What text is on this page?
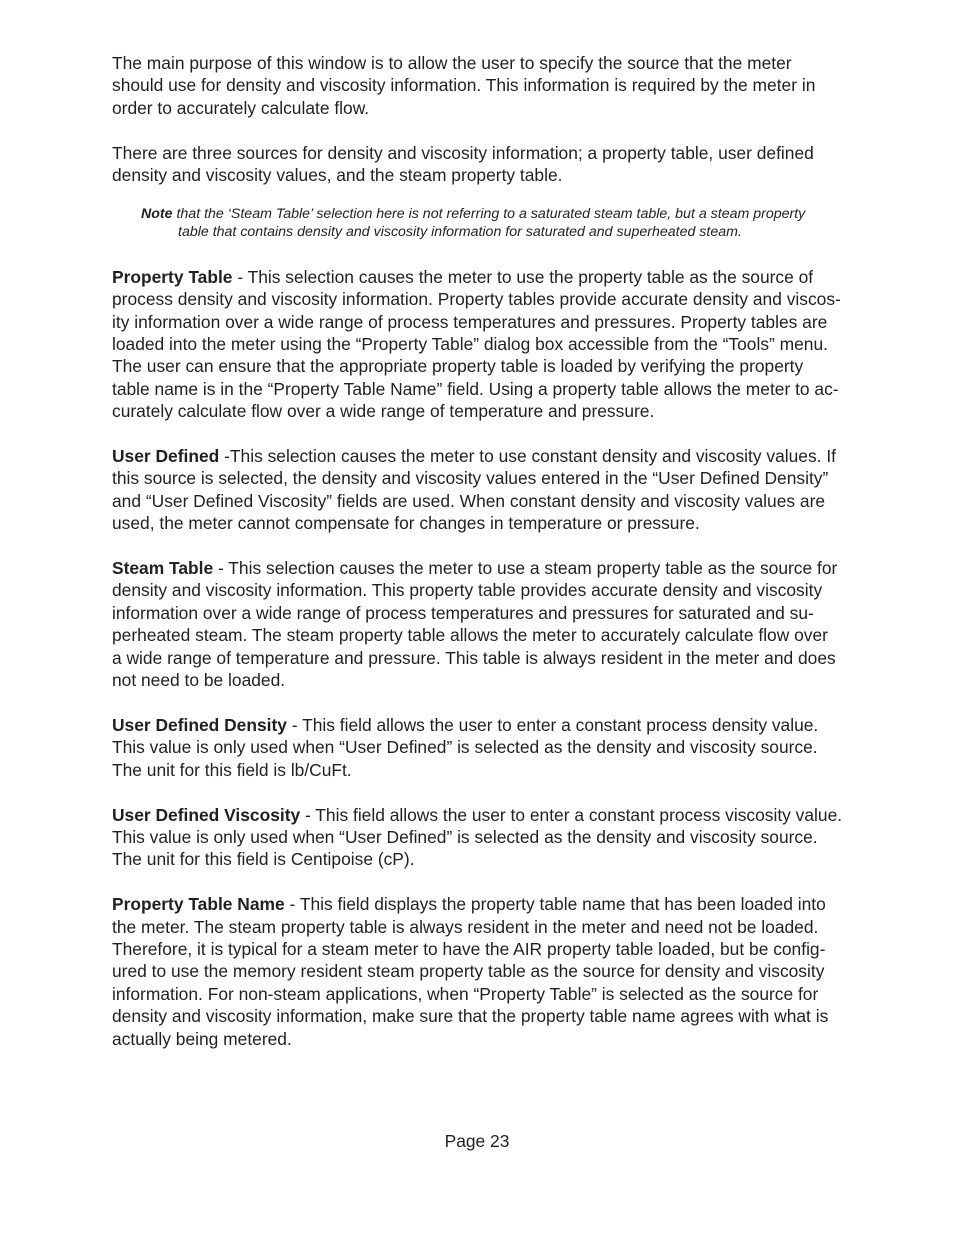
The main purpose of this window is to allow the user to specify the source that the meter
should use for density and viscosity information. This information is required by the meter in
order to accurately calculate flow.

There are three sources for density and viscosity information; a property table, user defined
density and viscosity values, and the steam property table.

Note that the ‘Steam Table’ selection here is not referring to a saturated steam table, but a steam property
table that contains density and viscosity information for saturated and superheated steam.

Property Table - This selection causes the meter to use the property table as the source of
process density and viscosity information. Property tables provide accurate density and viscos-
ity information over a wide range of process temperatures and pressures. Property tables are
loaded into the meter using the “Property Table” dialog box accessible from the “Tools” menu.
The user can ensure that the appropriate property table is loaded by verifying the property
table name is in the “Property Table Name” field. Using a property table allows the meter to ac-
curately calculate flow over a wide range of temperature and pressure.

User Defined -This selection causes the meter to use constant density and viscosity values. If
this source is selected, the density and viscosity values entered in the “User Defined Density”
and “User Defined Viscosity” fields are used. When constant density and viscosity values are
used, the meter cannot compensate for changes in temperature or pressure.

Steam Table - This selection causes the meter to use a steam property table as the source for
density and viscosity information. This property table provides accurate density and viscosity
information over a wide range of process temperatures and pressures for saturated and su-
perheated steam. The steam property table allows the meter to accurately calculate flow over
a wide range of temperature and pressure. This table is always resident in the meter and does
not need to be loaded.

User Defined Density - This field allows the user to enter a constant process density value.
This value is only used when “User Defined” is selected as the density and viscosity source.
The unit for this field is lb/CuFt.

User Defined Viscosity - This field allows the user to enter a constant process viscosity value.
This value is only used when “User Defined” is selected as the density and viscosity source.
The unit for this field is Centipoise (cP).

Property Table Name - This field displays the property table name that has been loaded into
the meter. The steam property table is always resident in the meter and need not be loaded.
Therefore, it is typical for a steam meter to have the AIR property table loaded, but be config-
ured to use the memory resident steam property table as the source for density and viscosity
information. For non-steam applications, when “Property Table” is selected as the source for
density and viscosity information, make sure that the property table name agrees with what is
actually being metered.

Page 23
